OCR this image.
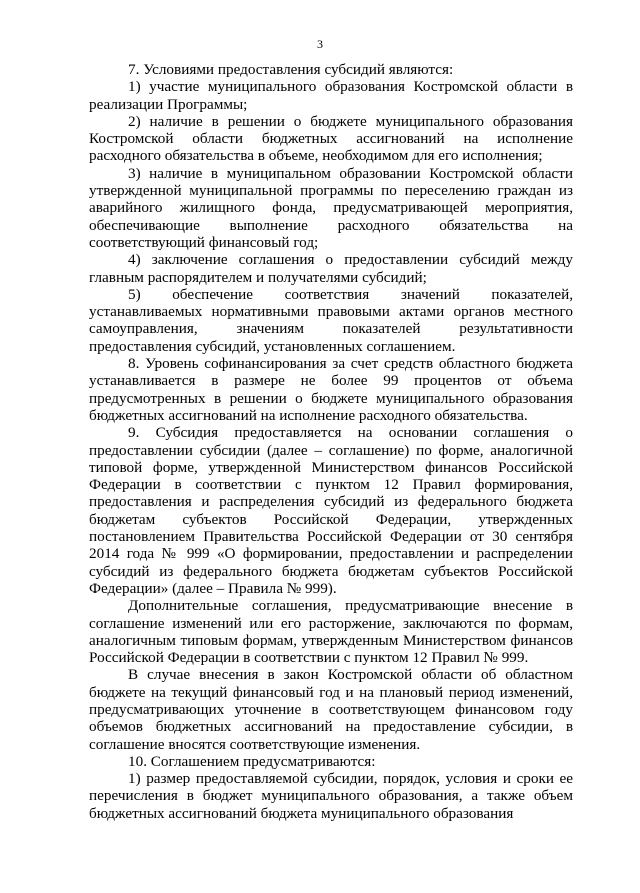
3

7. Условиями предоставления субсидий являются:

1) участие муниципального образования Костромской области в реализации Программы;

2) наличие в решении о бюджете муниципального образования Костромской области бюджетных ассигнований на исполнение расходного обязательства в объеме, необходимом для его исполнения;

3) наличие в муниципальном образовании Костромской области утвержденной муниципальной программы по переселению граждан из аварийного жилищного фонда, предусматривающей мероприятия, обеспечивающие выполнение расходного обязательства на соответствующий финансовый год;

4) заключение соглашения о предоставлении субсидий между главным распорядителем и получателями субсидий;

5) обеспечение соответствия значений показателей, устанавливаемых нормативными правовыми актами органов местного самоуправления, значениям показателей результативности предоставления субсидий, установленных соглашением.

8. Уровень софинансирования за счет средств областного бюджета устанавливается в размере не более 99 процентов от объема предусмотренных в решении о бюджете муниципального образования бюджетных ассигнований на исполнение расходного обязательства.

9. Субсидия предоставляется на основании соглашения о предоставлении субсидии (далее – соглашение) по форме, аналогичной типовой форме, утвержденной Министерством финансов Российской Федерации в соответствии с пунктом 12 Правил формирования, предоставления и распределения субсидий из федерального бюджета бюджетам субъектов Российской Федерации, утвержденных постановлением Правительства Российской Федерации от 30 сентября 2014 года № 999 «О формировании, предоставлении и распределении субсидий из федерального бюджета бюджетам субъектов Российской Федерации» (далее – Правила № 999).

Дополнительные соглашения, предусматривающие внесение в соглашение изменений или его расторжение, заключаются по формам, аналогичным типовым формам, утвержденным Министерством финансов Российской Федерации в соответствии с пунктом 12 Правил № 999.

В случае внесения в закон Костромской области об областном бюджете на текущий финансовый год и на плановый период изменений, предусматривающих уточнение в соответствующем финансовом году объемов бюджетных ассигнований на предоставление субсидии, в соглашение вносятся соответствующие изменения.

10. Соглашением предусматриваются:

1) размер предоставляемой субсидии, порядок, условия и сроки ее перечисления в бюджет муниципального образования, а также объем бюджетных ассигнований бюджета муниципального образования
